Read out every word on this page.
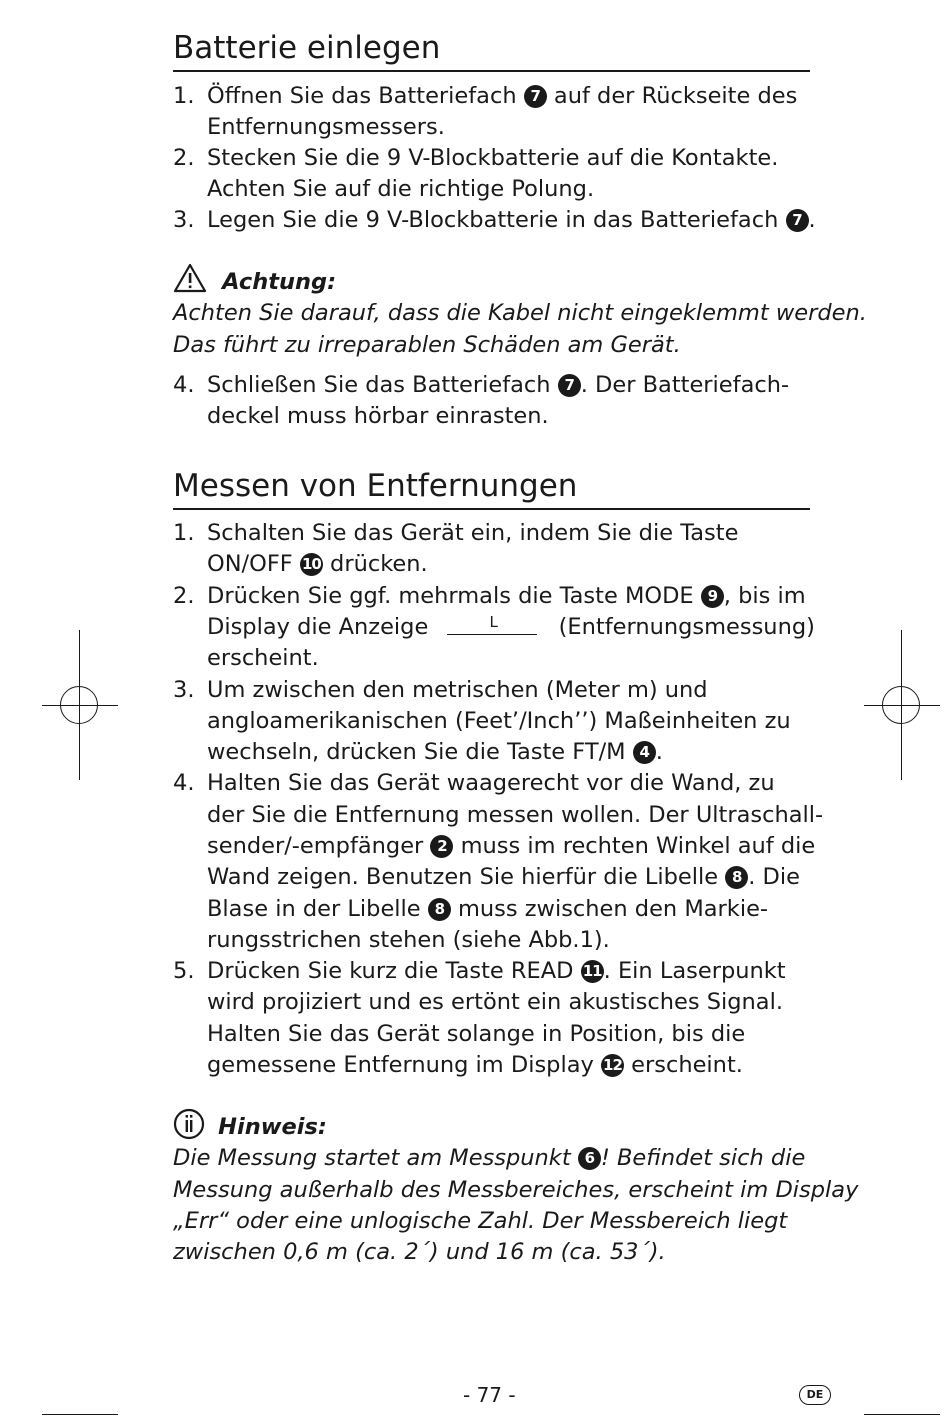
Batterie einlegen
1. Öffnen Sie das Batteriefach 7 auf der Rückseite des
Entfernungsmessers.
2. Stecken Sie die 9 V-Blockbatterie auf die Kontakte.
Achten Sie auf die richtige Polung.
3. Legen Sie die 9 V-Blockbatterie in das Batteriefach 7 .
Achtung:
Achten Sie darauf, dass die Kabel nicht eingeklemmt werden.
Das führt zu irreparablen Schäden am Gerät.
4. Schließen Sie das Batteriefach 7 . Der Batteriefach-
deckel muss hörbar einrasten.
Messen von Entfernungen
1. Schalten Sie das Gerät ein, indem Sie die Taste
ON/OFF 10 drücken.
2. Drücken Sie ggf. mehrmals die Taste MODE 9 , bis im
Display die Anzeige	L	(Entfernungsmessung)
erscheint.
3. Um zwischen den metrischen (Meter m) und
angloamerikanischen (Feet’/Inch’’) Maßeinheiten zu
wechseln, drücken Sie die Taste FT/M 4 .
4. Halten Sie das Gerät waagerecht vor die Wand, zu
der Sie die Entfernung messen wollen. Der Ultraschall-
sender/-empfänger 2 muss im rechten Winkel auf die
Wand zeigen. Benutzen Sie hierfür die Libelle 8 . Die
Blase in der Libelle 8 muss zwischen den Markie-
rungsstrichen stehen (siehe Abb.1).
5. Drücken Sie kurz die Taste READ 11. Ein Laserpunkt
wird projiziert und es ertönt ein akustisches Signal.
Halten Sie das Gerät solange in Position, bis die
gemessene Entfernung im Display 12 erscheint.
Hinweis:
Die Messung startet am Messpunkt 6 ! Befindet sich die
Messung außerhalb des Messbereiches, erscheint im Display
„Err“ oder eine unlogische Zahl. Der Messbereich liegt
zwischen 0,6 m (ca. 2´) und 16 m (ca. 53´).
- 77 -	DE
